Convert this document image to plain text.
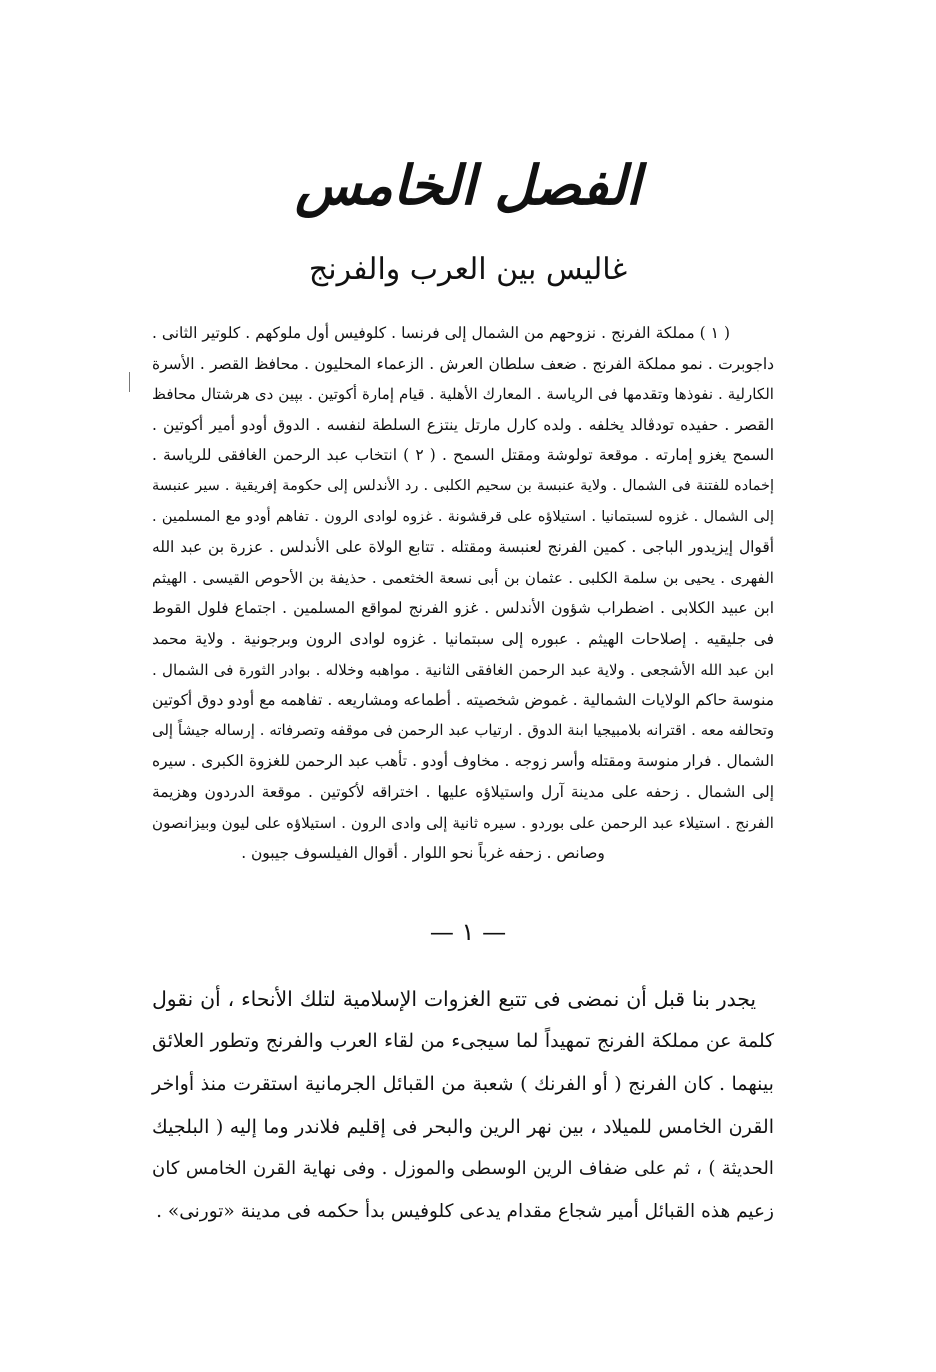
الفصل الخامس
غاليس بين العرب والفرنج
( ١ ) مملكة الفرنج . نزوحهم من الشمال إلى فرنسا . كلوفيس أول ملوكهم . كلوتير الثانى .
داجوبرت . نمو مملكة الفرنج . ضعف سلطان العرش . الزعماء المحليون . محافظ القصر . الأسرة
الكارلية . نفوذها وتقدمها فى الرياسة . المعارك الأهلية . قيام إمارة أكوتين . بپين دى هرشتال محافظ
القصر . حفيده تودڤالد يخلفه . ولده كارل مارتل ينتزع السلطة لنفسه . الدوق أودو أمير أكوتين .
السمح يغزو إمارته . موقعة تولوشة ومقتل السمح . ( ٢ ) انتخاب عبد الرحمن الغافقى للرياسة .
إخماده للفتنة فى الشمال . ولاية عنبسة بن سحيم الكلبى . رد الأندلس إلى حكومة إفريقية . سير عنبسة
إلى الشمال . غزوه لسبتمانيا . استيلاؤه على قرقشونة . غزوه لوادى الرون . تفاهم أودو مع المسلمين .
أقوال إيزيدور الباجى . كمين الفرنج لعنبسة ومقتله . تتابع الولاة على الأندلس . عزرة بن عبد الله
الفهرى . يحيى بن سلمة الكلبى . عثمان بن أبى نسعة الخثعمى . حذيفة بن الأحوص القيسى . الهيثم
ابن عبيد الكلابى . اضطراب شؤون الأندلس . غزو الفرنج لمواقع المسلمين . اجتماع فلول القوط
فى جليقيه . إصلاحات الهيثم . عبوره إلى سبتمانيا . غزوه لوادى الرون وبرجونية . ولاية محمد
ابن عبد الله الأشجعى . ولاية عبد الرحمن الغافقى الثانية . مواهبه وخلاله . بوادر الثورة فى الشمال .
منوسة حاكم الولايات الشمالية . غموض شخصيته . أطماعه ومشاريعه . تفاهمه مع أودو دوق أكوتين
وتحالفه معه . اقترانه بلامبيجيا ابنة الدوق . ارتياب عبد الرحمن فى موقفه وتصرفاته . إرساله جيشاً إلى
الشمال . فرار منوسة ومقتله وأسر زوجه . مخاوف أودو . تأهب عبد الرحمن للغزوة الكبرى . سيره
إلى الشمال . زحفه على مدينة آرل واستيلاؤه عليها . اختراقه لأكوتين . موقعة الدردون وهزيمة
الفرنج . استيلاء عبد الرحمن على بوردو . سيره ثانية إلى وادى الرون . استيلاؤه على ليون وبيزانصون
وصانص . زحفه غرباً نحو اللوار . أقوال الفيلسوف جيبون .
— ١ —
يجدر بنا قبل أن نمضى فى تتبع الغزوات الإسلامية لتلك الأنحاء ، أن نقول
كلمة عن مملكة الفرنج تمهيداً لما سيجىء من لقاء العرب والفرنج وتطور العلائق
بينهما . كان الفرنج ( أو الفرنك ) شعبة من القبائل الجرمانية استقرت منذ أواخر
القرن الخامس للميلاد ، بين نهر الرين والبحر فى إقليم فلاندر وما إليه ( البلجيك
الحديثة ) ، ثم على ضفاف الرين الوسطى والموزل . وفى نهاية القرن الخامس كان
زعيم هذه القبائل أمير شجاع مقدام يدعى كلوفيس بدأ حكمه فى مدينة «تورنى» .
